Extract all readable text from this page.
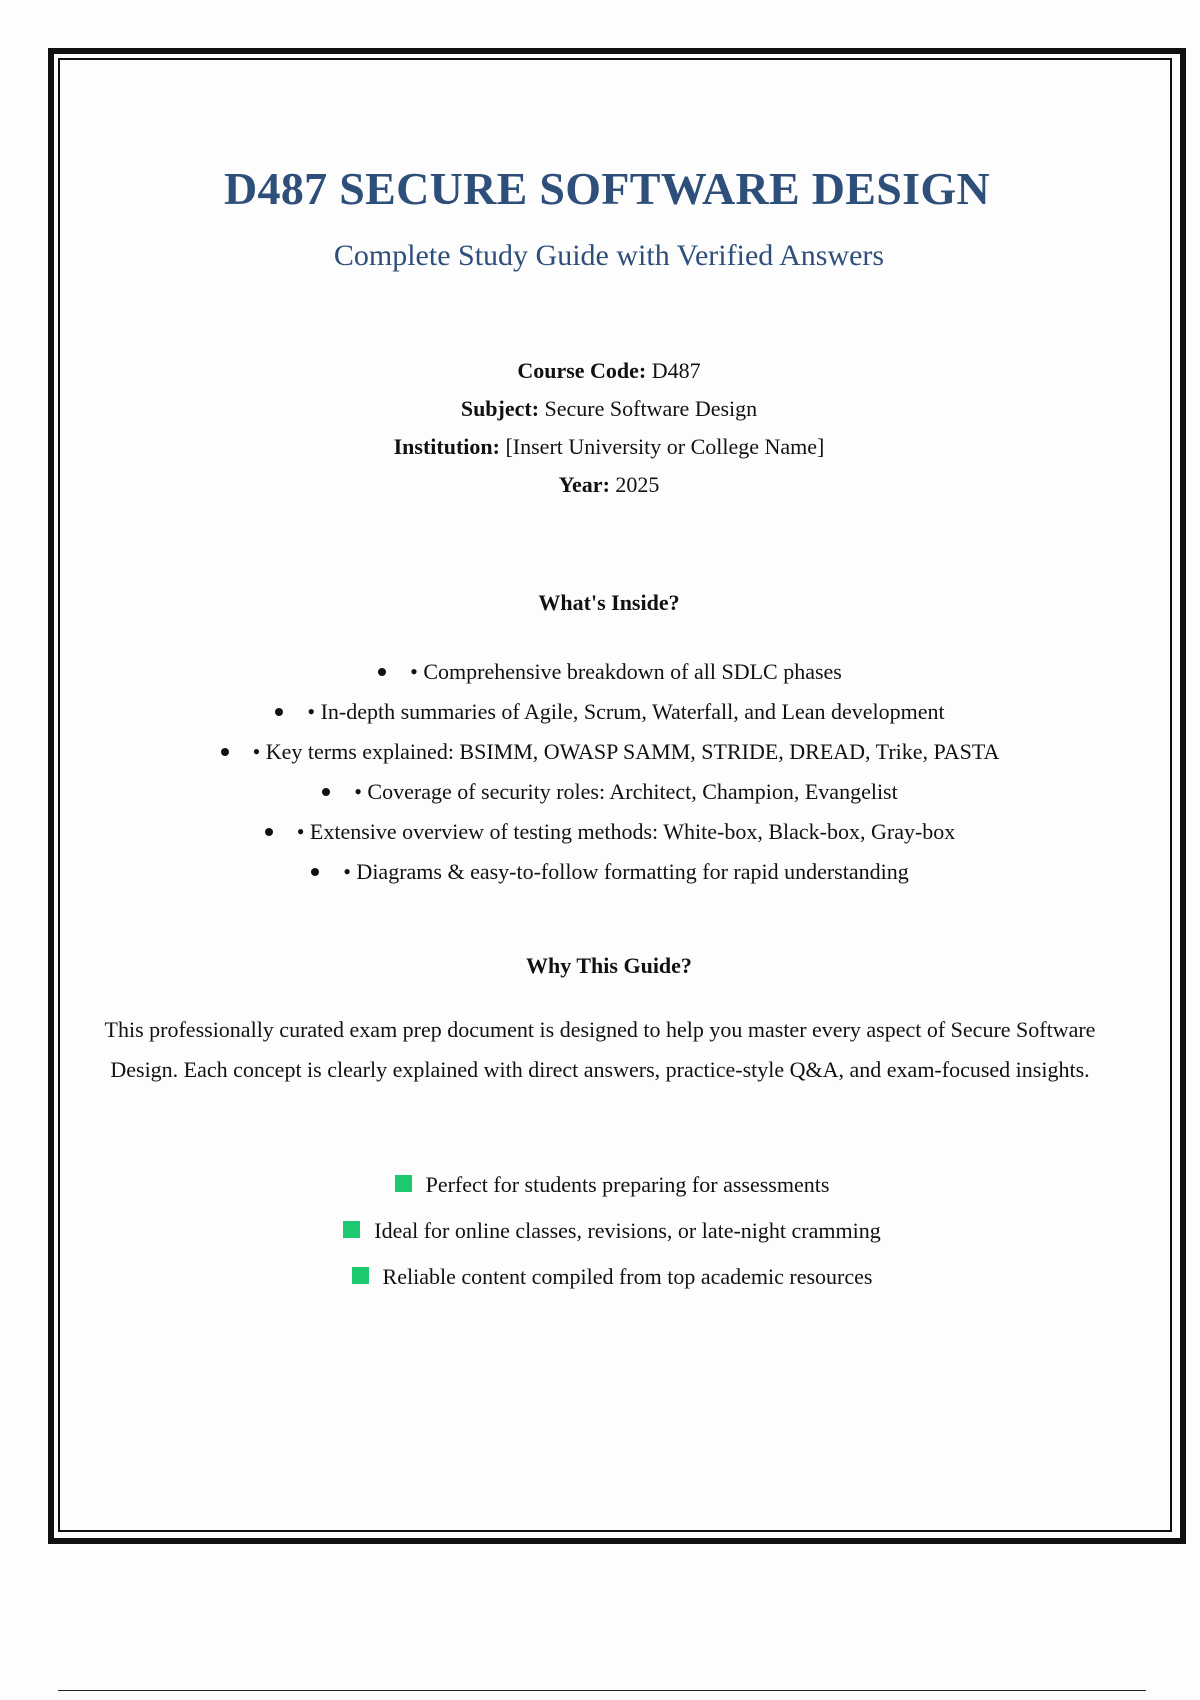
D487 SECURE SOFTWARE DESIGN
Complete Study Guide with Verified Answers
Course Code: D487
Subject: Secure Software Design
Institution: [Insert University or College Name]
Year: 2025
What's Inside?
• Comprehensive breakdown of all SDLC phases
• In-depth summaries of Agile, Scrum, Waterfall, and Lean development
• Key terms explained: BSIMM, OWASP SAMM, STRIDE, DREAD, Trike, PASTA
• Coverage of security roles: Architect, Champion, Evangelist
• Extensive overview of testing methods: White-box, Black-box, Gray-box
• Diagrams & easy-to-follow formatting for rapid understanding
Why This Guide?
This professionally curated exam prep document is designed to help you master every aspect of Secure Software Design. Each concept is clearly explained with direct answers, practice-style Q&A, and exam-focused insights.
Perfect for students preparing for assessments
Ideal for online classes, revisions, or late-night cramming
Reliable content compiled from top academic resources
